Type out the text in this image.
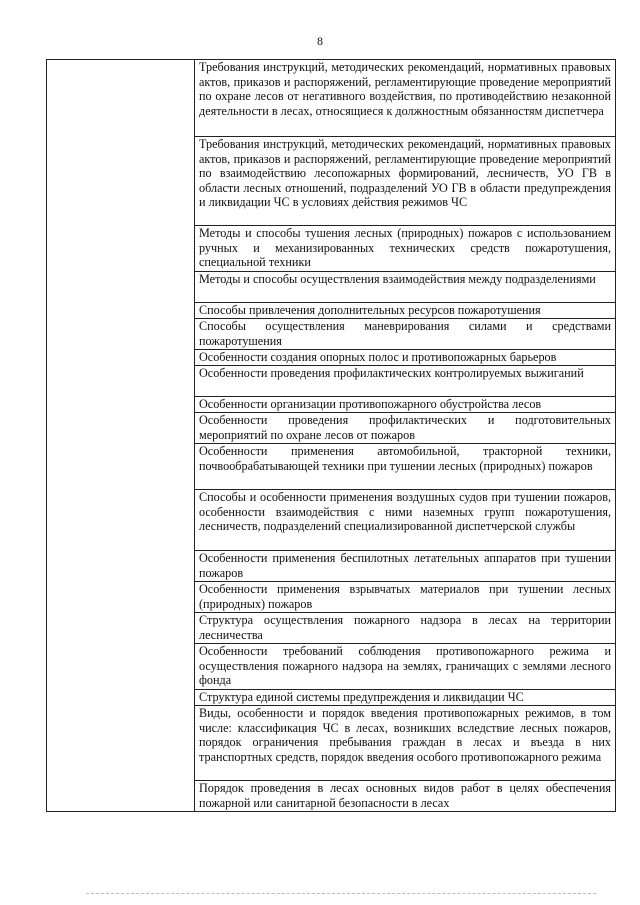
8

Требования инструкций, методических рекомендаций, нормативных правовых актов, приказов и распоряжений, регламентирующие проведение мероприятий по охране лесов от негативного воздействия, по противодействию незаконной деятельности в лесах, относящиеся к должностным обязанностям диспетчера

Требования инструкций, методических рекомендаций, нормативных правовых актов, приказов и распоряжений, регламентирующие проведение мероприятий по взаимодействию лесопожарных формирований, лесничеств, УО ГВ в области лесных отношений, подразделений УО ГВ в области предупреждения и ликвидации ЧС в условиях действия режимов ЧС

Методы и способы тушения лесных (природных) пожаров с использованием ручных и механизированных технических средств пожаротушения, специальной техники

Методы и способы осуществления взаимодействия между подразделениями

Способы привлечения дополнительных ресурсов пожаротушения

Способы осуществления маневрирования силами и средствами пожаротушения

Особенности создания опорных полос и противопожарных барьеров

Особенности проведения профилактических контролируемых выжиганий

Особенности организации противопожарного обустройства лесов

Особенности проведения профилактических и подготовительных мероприятий по охране лесов от пожаров

Особенности применения автомобильной, тракторной техники, почвообрабатывающей техники при тушении лесных (природных) пожаров

Способы и особенности применения воздушных судов при тушении пожаров, особенности взаимодействия с ними наземных групп пожаротушения, лесничеств, подразделений специализированной диспетчерской службы

Особенности применения беспилотных летательных аппаратов при тушении пожаров

Особенности применения взрывчатых материалов при тушении лесных (природных) пожаров

Структура осуществления пожарного надзора в лесах на территории лесничества

Особенности требований соблюдения противопожарного режима и осуществления пожарного надзора на землях, граничащих с землями лесного фонда

Структура единой системы предупреждения и ликвидации ЧС

Виды, особенности и порядок введения противопожарных режимов, в том числе: классификация ЧС в лесах, возникших вследствие лесных пожаров, порядок ограничения пребывания граждан в лесах и въезда в них транспортных средств, порядок введения особого противопожарного режима

Порядок проведения в лесах основных видов работ в целях обеспечения пожарной или санитарной безопасности в лесах
